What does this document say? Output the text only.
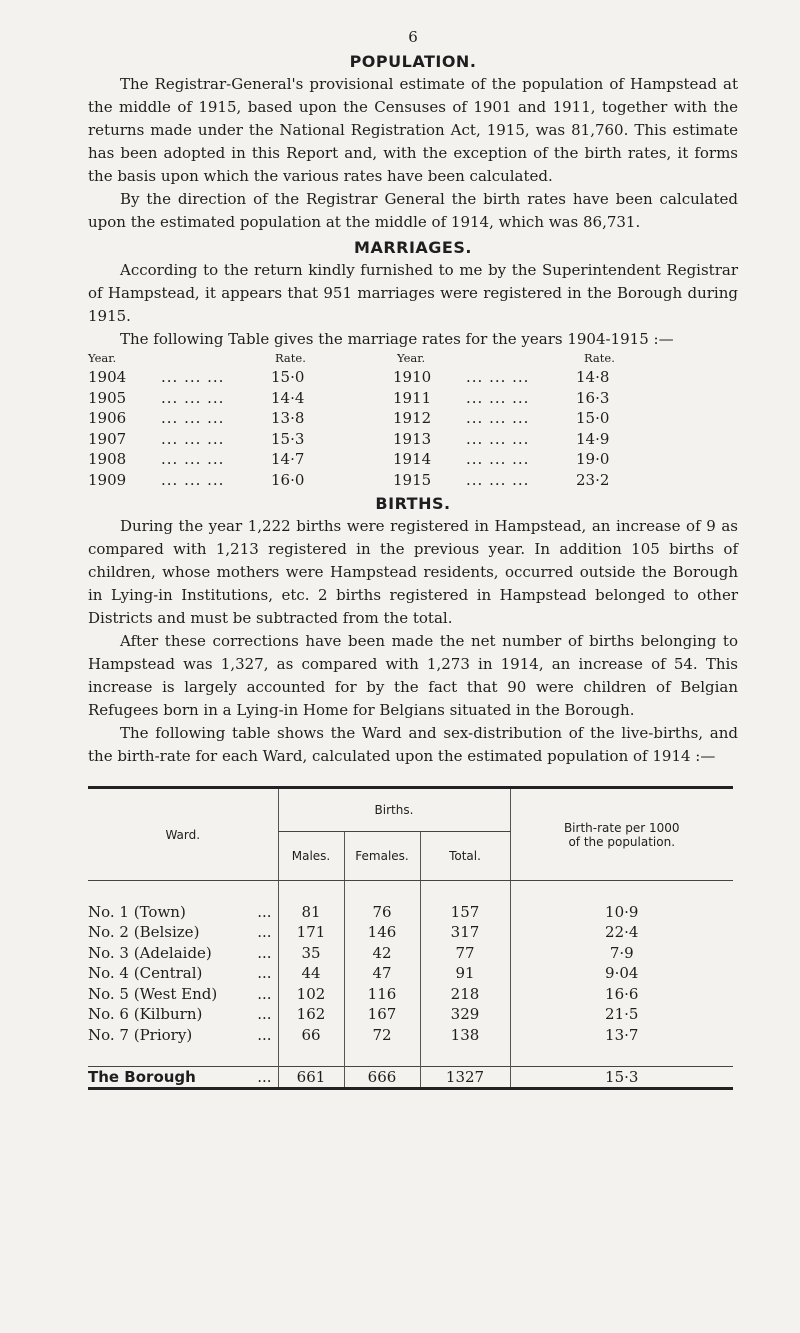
6
POPULATION.

The Registrar-General's provisional estimate of the population of Hampstead at the middle of 1915, based upon the Censuses of 1901 and 1911, together with the returns made under the National Registration Act, 1915, was 81,760. This estimate has been adopted in this Report and, with the exception of the birth rates, it forms the basis upon which the various rates have been calculated.

By the direction of the Registrar General the birth rates have been calculated upon the estimated population at the middle of 1914, which was 86,731.

MARRIAGES.

According to the return kindly furnished to me by the Superintendent Registrar of Hampstead, it appears that 951 marriages were registered in the Borough during 1915.

The following Table gives the marriage rates for the years 1904-1915 :—

Year.	Rate.	Year.	Rate.
1904	... ... ...	15·0	1910	... ... ...	14·8
1905	... ... ...	14·4	1911	... ... ...	16·3
1906	... ... ...	13·8	1912	... ... ...	15·0
1907	... ... ...	15·3	1913	... ... ...	14·9
1908	... ... ...	14·7	1914	... ... ...	19·0
1909	... ... ...	16·0	1915	... ... ...	23·2
BIRTHS.

During the year 1,222 births were registered in Hampstead, an increase of 9 as compared with 1,213 registered in the previous year. In addition 105 births of children, whose mothers were Hampstead residents, occurred outside the Borough in Lying-in Institutions, etc. 2 births registered in Hampstead belonged to other Districts and must be subtracted from the total.

After these corrections have been made the net number of births belonging to Hampstead was 1,327, as compared with 1,273 in 1914, an increase of 54. This increase is largely accounted for by the fact that 90 were children of Belgian Refugees born in a Lying-in Home for Belgians situated in the Borough.

The following table shows the Ward and sex-distribution of the live-births, and the birth-rate for each Ward, calculated upon the estimated population of 1914 :—

Ward.	Births.			Birth-rate per 1000 of the population.
	Males.	Females.	Total.	

No. 1 (Town) ...	81	76	157	10·9
No. 2 (Belsize) ...	171	146	317	22·4
No. 3 (Adelaide) ...	35	42	77	7·9
No. 4 (Central) ...	44	47	91	9·04
No. 5 (West End) ...	102	116	218	16·6
No. 6 (Kilburn) ...	162	167	329	21·5
No. 7 (Priory) ...	66	72	138	13·7

The Borough ...	661	666	1327	15·3
